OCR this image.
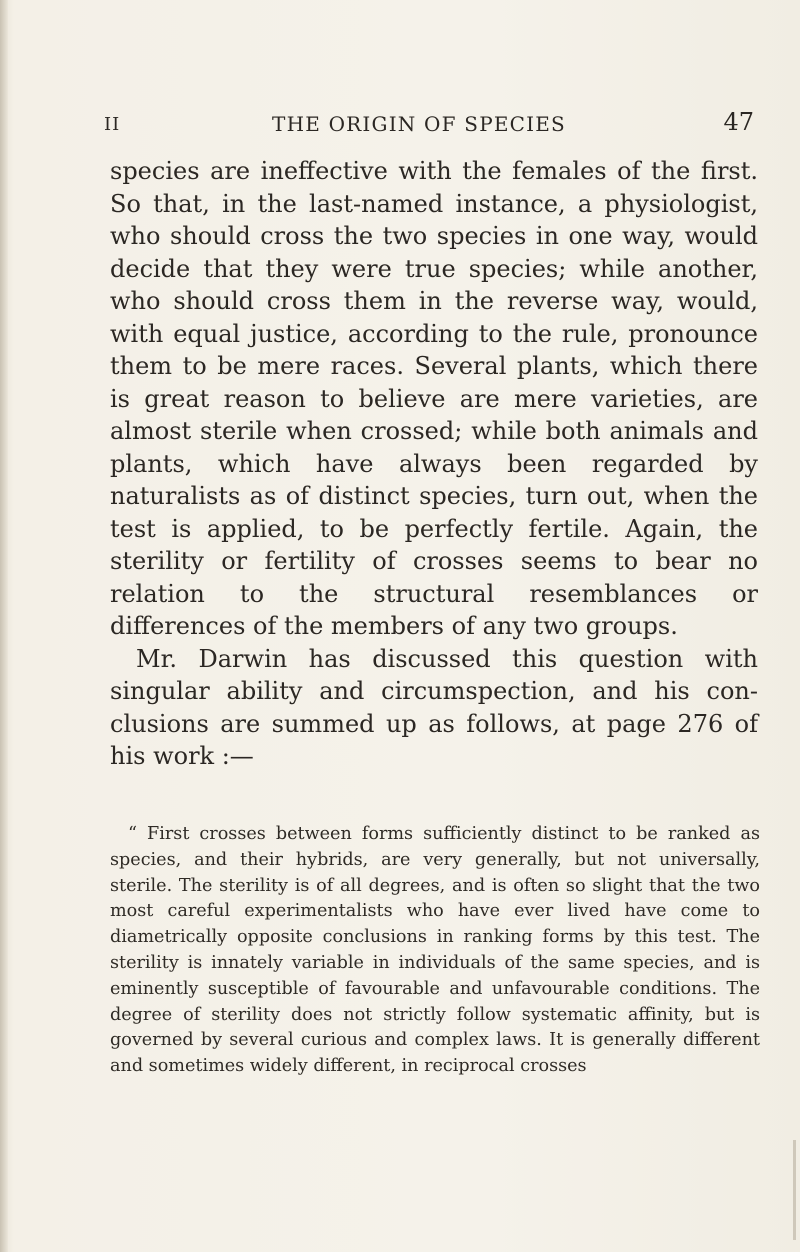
II	THE ORIGIN OF SPECIES	47

species are ineffective with the females of the first. So that, in the last-named instance, a physiologist, who should cross the two species in one way, would decide that they were true species; while another, who should cross them in the reverse way, would, with equal justice, according to the rule, pronounce them to be mere races. Several plants, which there is great reason to believe are mere varieties, are almost sterile when crossed; while both animals and plants, which have always been regarded by naturalists as of distinct species, turn out, when the test is applied, to be perfectly fertile. Again, the sterility or fertility of crosses seems to bear no relation to the structural resemblances or differences of the members of any two groups.

Mr. Darwin has discussed this question with singular ability and circumspection, and his con-clusions are summed up as follows, at page 276 of his work :—

“ First crosses between forms sufficiently distinct to be ranked as species, and their hybrids, are very generally, but not universally, sterile. The sterility is of all degrees, and is often so slight that the two most careful experimentalists who have ever lived have come to diametrically opposite conclusions in ranking forms by this test. The sterility is innately variable in individuals of the same species, and is eminently susceptible of favourable and unfavourable conditions. The degree of sterility does not strictly follow systematic affinity, but is governed by several curious and complex laws. It is generally different and sometimes widely different, in reciprocal crosses
